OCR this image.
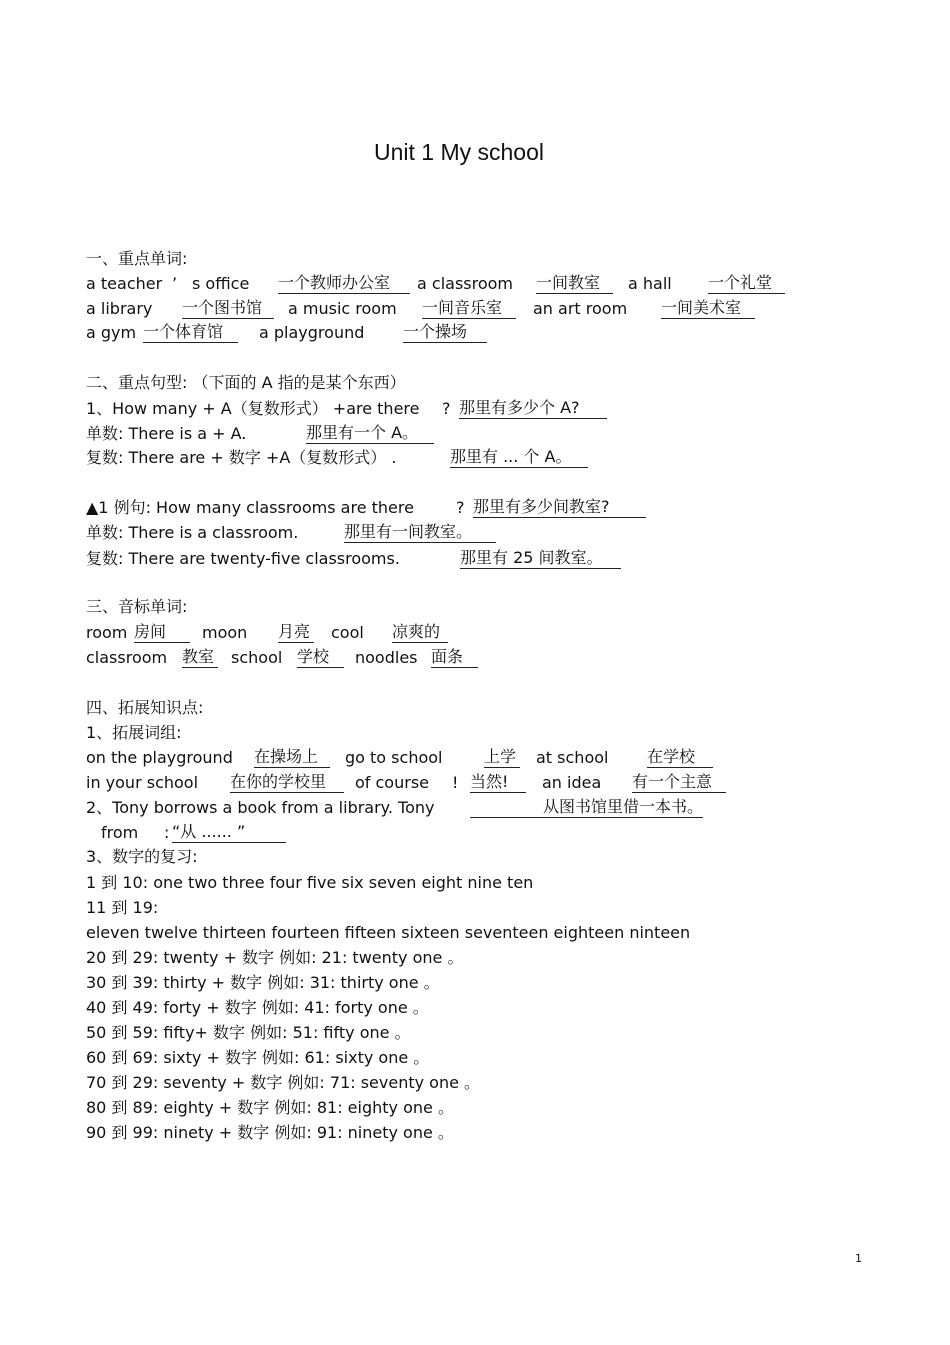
Unit 1 My school
一、重点单词:
a teacher ’ s office 一个教师办公室	a classroom 一间教室	a hall 一个礼堂
a library 一个图书馆	a music room 一间音乐室	an art room 一间美术室
a gym 一个体育馆	a playground 一个操场
二、重点句型: （下面的 A 指的是某个东西）
1、How many + A（复数形式） +are there ? 那里有多少个 A?
单数: There is a + A.	那里有一个 A。
复数: There are + 数字 +A（复数形式） .	那里有 ... 个 A。
▲1 例句: How many classrooms are there	? 那里有多少间教室?
单数: There is a classroom.	那里有一间教室。
复数: There are twenty-five classrooms.	那里有 25 间教室。
三、音标单词:
room 房间	moon 月亮 cool 凉爽的
classroom 教室 school 学校	noodles 面条
四、拓展知识点:
1、拓展词组:
on the playground 在操场上	go to school	上学 at school 在学校
in your school 在你的学校里	of course ! 当然!	an idea 有一个主意
2、Tony borrows a book from a library. Tony	从图书馆里借一本书。
from : “从 ...... ”
3、数字的复习:
1 到 10: one two three four five six seven eight nine ten
11 到 19:
eleven twelve thirteen fourteen fifteen sixteen seventeen eighteen ninteen
20 到 29: twenty + 数字 例如: 21: twenty one 。
30 到 39: thirty + 数字 例如: 31: thirty one 。
40 到 49: forty + 数字 例如: 41: forty one 。
50 到 59: fifty+ 数字 例如: 51: fifty one 。
60 到 69: sixty + 数字 例如: 61: sixty one 。
70 到 29: seventy + 数字 例如: 71: seventy one 。
80 到 89: eighty + 数字 例如: 81: eighty one 。
90 到 99: ninety + 数字 例如: 91: ninety one 。
1
